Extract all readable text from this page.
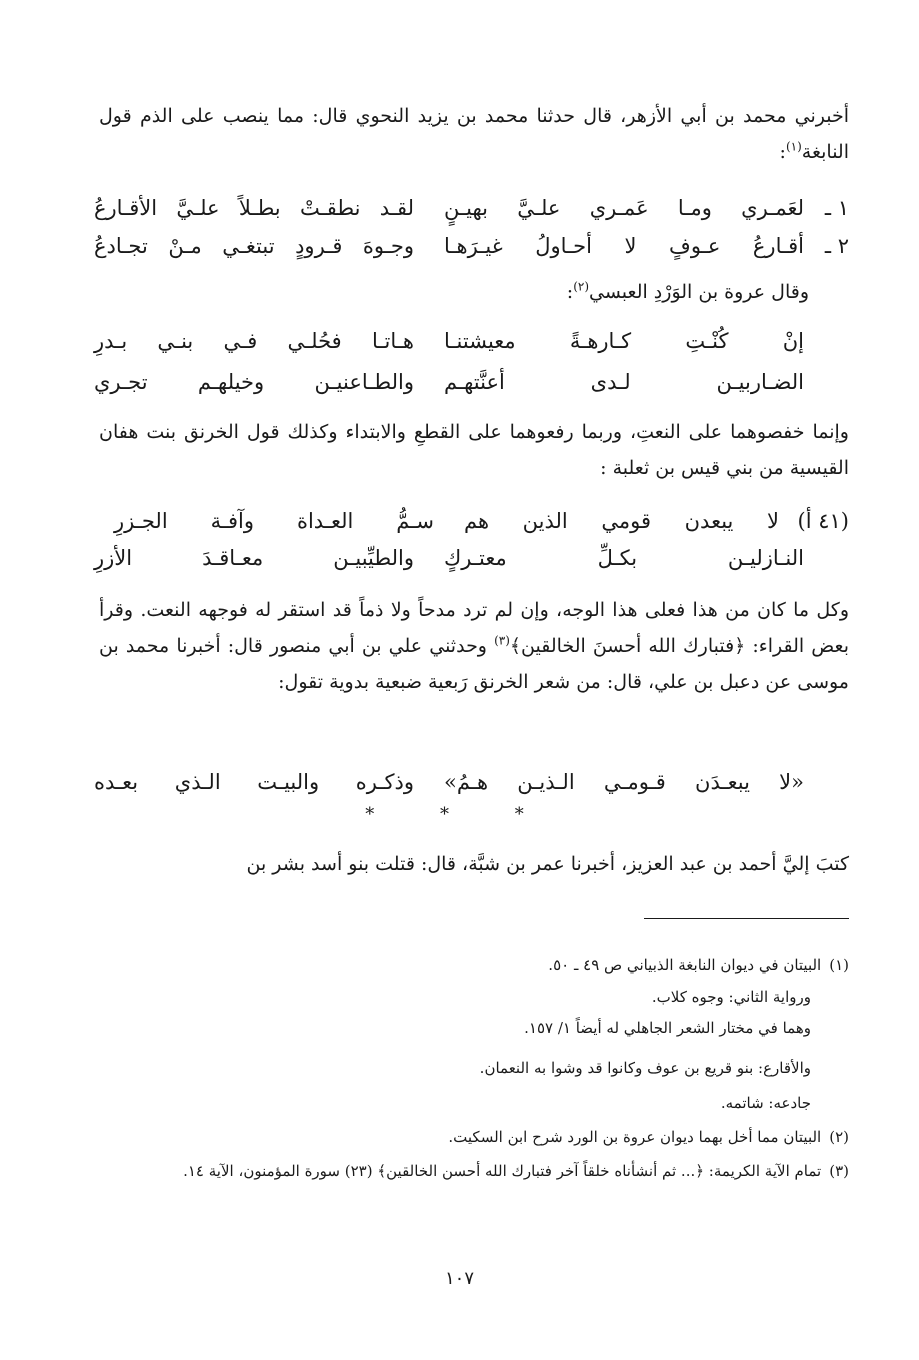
أخبرني محمد بن أبي الأزهر، قال حدثنا محمد بن يزيد النحوي قال: مما ينصب على الذم قول النابغة$^{(١)}$:
١ ـ
لعَمـري ومـا عَمـري علـيَّ بهيـنٍ
لقـد نطقـتْ بطـلاً علـيَّ الأقـارعُ
٢ ـ
أقـارعُ عـوفٍ لا أحـاولُ غيـرَهـا
وجـوهَ قـرودٍ تبتغـي مـنْ تجـادعُ
وقال عروة بن الوَرْدِ العبسي$^{(٢)}$:
إنْ كُنْـتِ كـارهـةً معيشتنـا
هـاتـا فحُلـي فـي بنـي بـدرِ
الضـاربيـن لـدى أعنَّتهـم
والطـاعنيـن وخيلهـم تجـري
وإنما خفصوهما على النعتِ، وربما رفعوهما على القطعِ والابتداء وكذلك قول الخرنق بنت هفان القيسية من بني قيس بن ثعلبة :
(٤١ أ)
لا يبعدن قومي الذين هم
سـمُّ العـداة وآفـة الجـزرِ
النـازليـن بكـلِّ معتـركٍ
والطيِّبيـن معـاقـدَ الأزرِ
وكل ما كان من هذا فعلى هذا الوجه، وإن لم ترد مدحاً ولا ذماً قد استقر له فوجهه النعت. وقرأ بعض القراء: ﴿فتبارك الله أحسنَ الخالقين﴾$^{(٣)}$ وحدثني علي بن أبي منصور قال: أخبرنا محمد بن موسى عن دعبل بن علي، قال: من شعر الخرنق رَبعية ضبعية بدوية تقول:
«لا يبعـدَن قـومـي الـذيـن هـمُ»
وذكـره والبيـت الـذي بعـده
* * *
كتبَ إليَّ أحمد بن عبد العزيز، أخبرنا عمر بن شبَّة، قال: قتلت بنو أسد بشر بن
(١)البيتان في ديوان النابغة الذبياني ص ٤٩ ـ ٥٠.
ورواية الثاني: وجوه كلاب.
وهما في مختار الشعر الجاهلي له أيضاً ١/ ١٥٧.
والأقارع: بنو قريع بن عوف وكانوا قد وشوا به النعمان.
جادعه: شاتمه.
(٢)البيتان مما أخل بهما ديوان عروة بن الورد شرح ابن السكيت.
(٣)تمام الآية الكريمة: ﴿... ثم أنشأناه خلقاً آخر فتبارك الله أحسن الخالقين﴾ (٢٣) سورة المؤمنون، الآية ١٤.
١٠٧
